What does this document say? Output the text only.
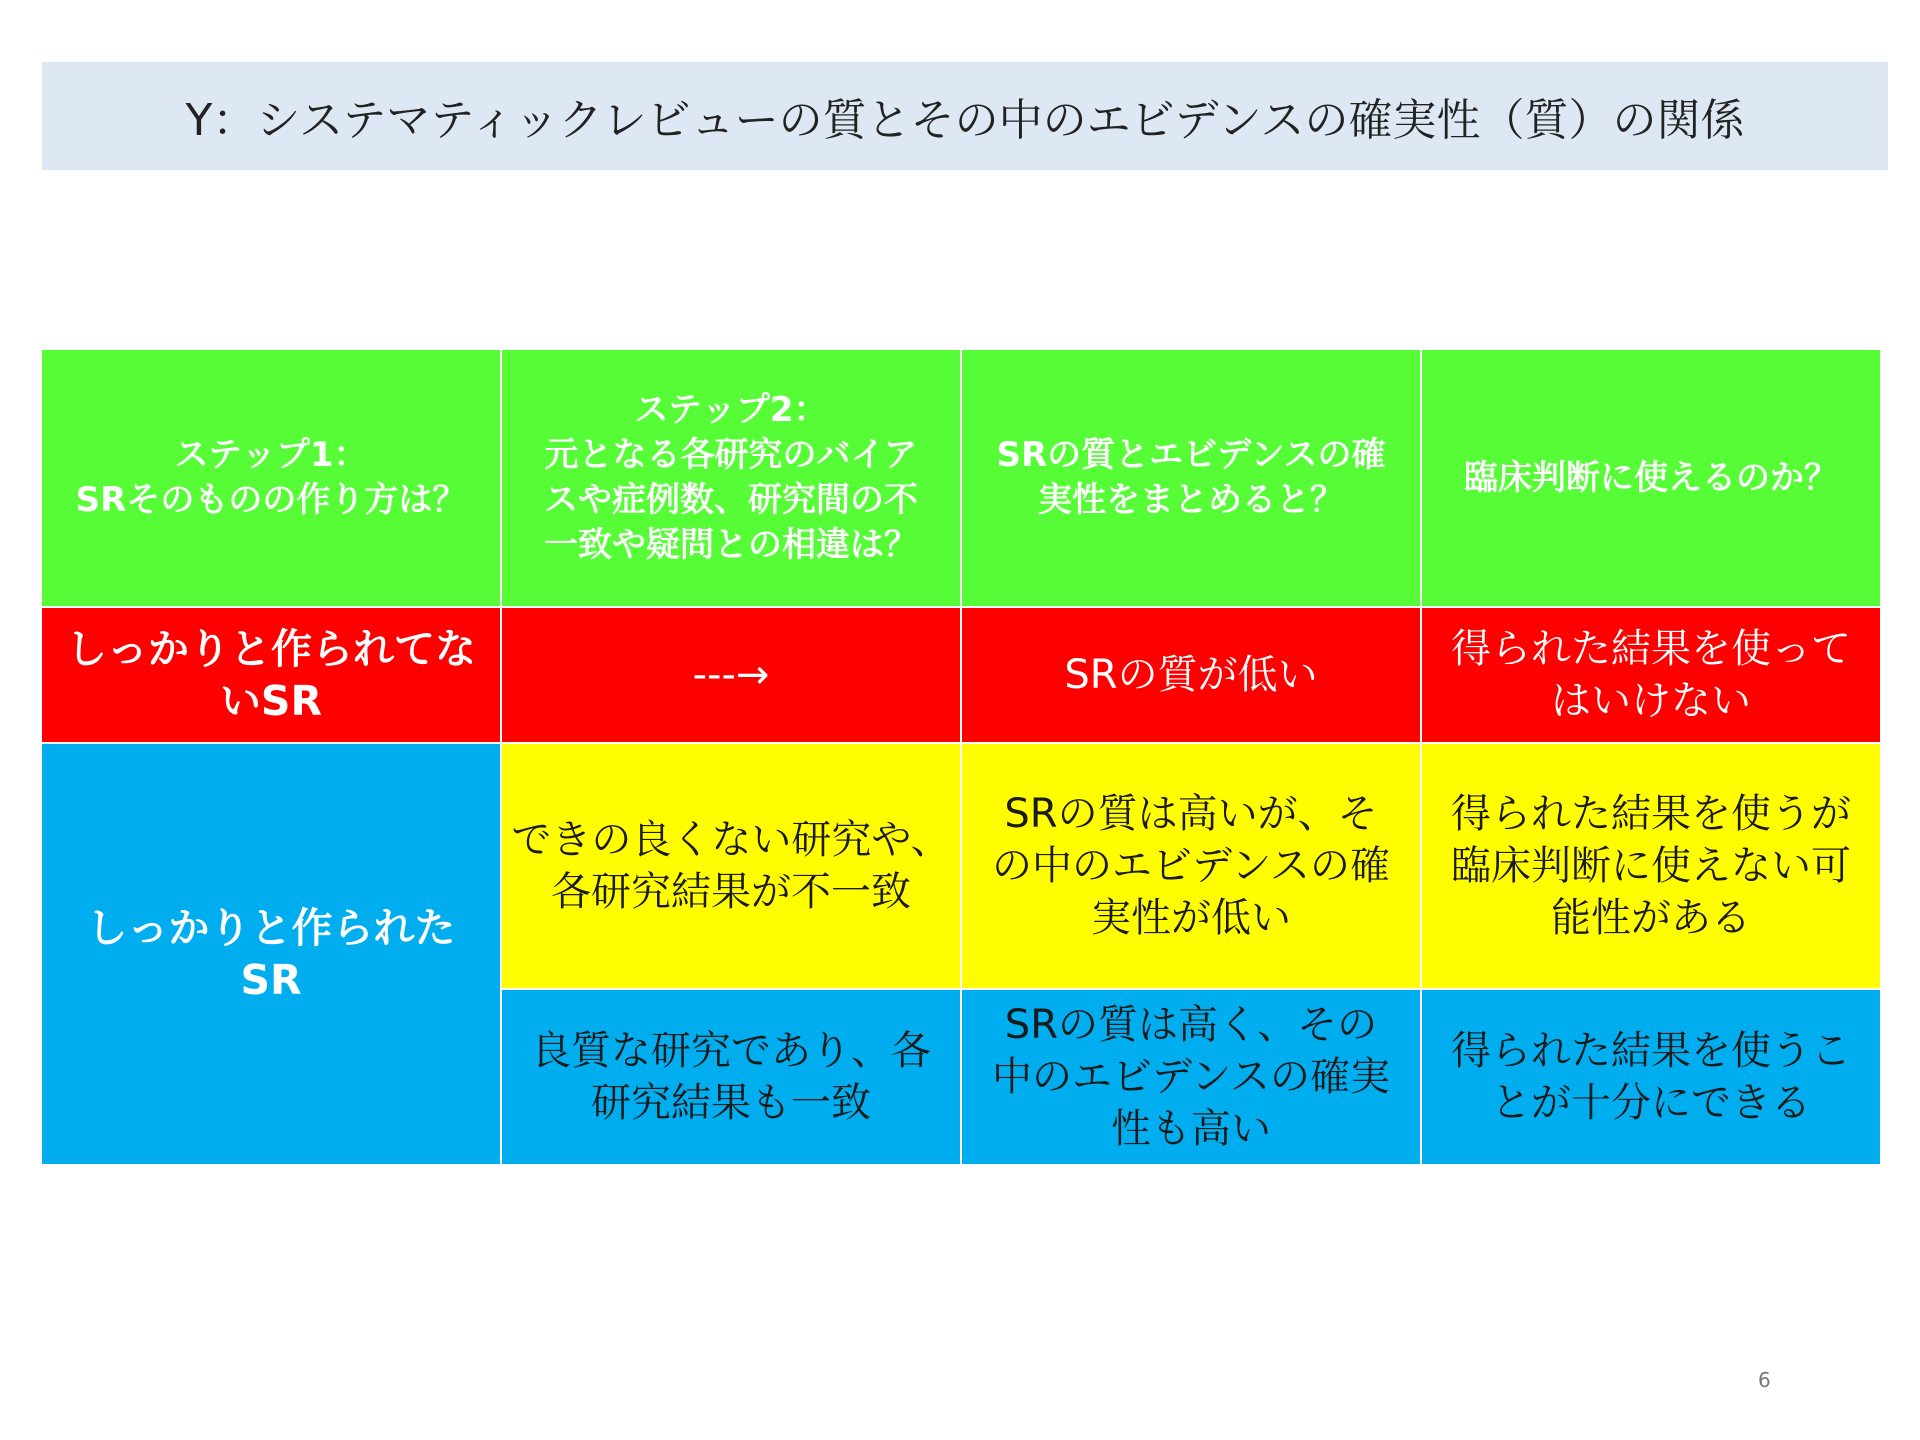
Y：システマティックレビューの質とその中のエビデンスの確実性（質）の関係
ステップ1：
SRそのものの作り方は？
ステップ2：
元となる各研究のバイア
スや症例数、研究間の不
一致や疑問との相違は？
SRの質とエビデンスの確
実性をまとめると？
臨床判断に使えるのか？
しっかりと作られてな
いSR
---→	SRの質が低い
得られた結果を使って
はいけない
しっかりと作られた
SR
できの良くない研究や、
各研究結果が不一致
SRの質は高いが、そ
の中のエビデンスの確
実性が低い
得られた結果を使うが
臨床判断に使えない可
能性がある
良質な研究であり、各
研究結果も一致
SRの質は高く、その
中のエビデンスの確実
性も高い
得られた結果を使うこ
とが十分にできる
6
